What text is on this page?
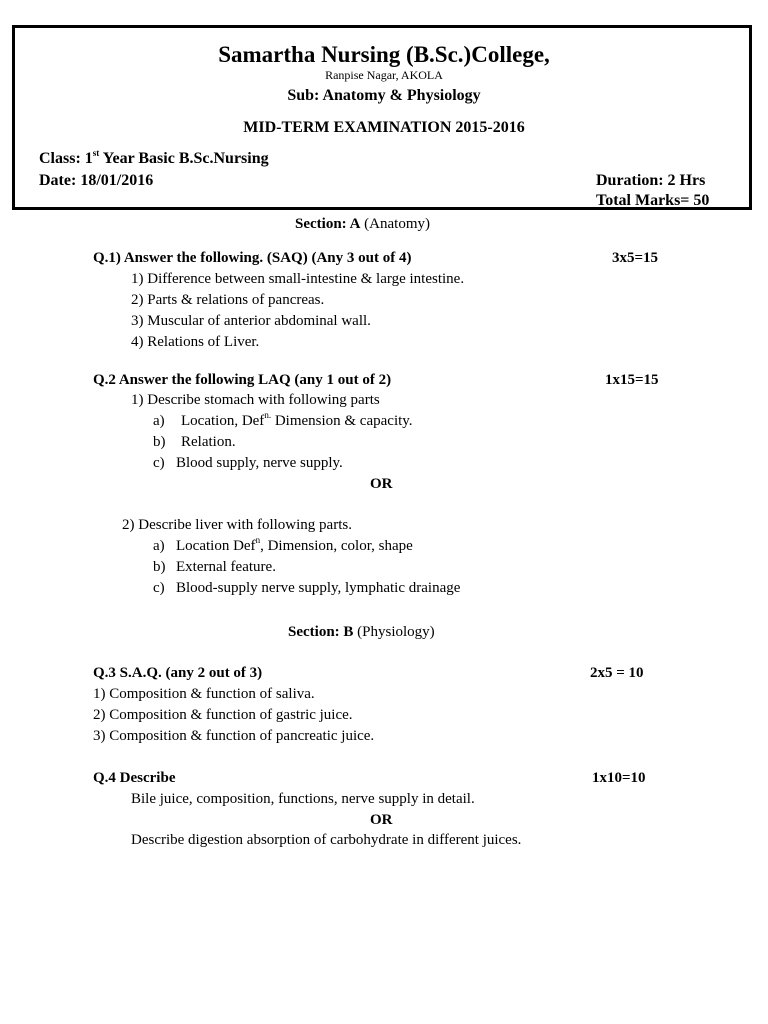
Samartha Nursing (B.Sc.)College,
Ranpise Nagar, AKOLA
Sub: Anatomy & Physiology
MID-TERM EXAMINATION 2015-2016
Class: 1st Year Basic B.Sc.Nursing
Date: 18/01/2016	Duration: 2 Hrs
Total Marks= 50
Section: A (Anatomy)
Q.1) Answer the following. (SAQ) (Any 3 out of 4)	3x5=15
1) Difference between small-intestine & large intestine.
2) Parts & relations of pancreas.
3) Muscular of anterior abdominal wall.
4) Relations of Liver.
Q.2 Answer the following LAQ (any 1 out of 2)	1x15=15
1) Describe stomach with following parts
a) Location, Def$^{n.}$ Dimension & capacity.
b) Relation.
c) Blood supply, nerve supply.
OR
2) Describe liver with following parts.
a) Location Def$^n$, Dimension, color, shape
b) External feature.
c) Blood-supply nerve supply, lymphatic drainage
Section: B (Physiology)
Q.3 S.A.Q. (any 2 out of 3)	2x5 = 10
1) Composition & function of saliva.
2) Composition & function of gastric juice.
3) Composition & function of pancreatic juice.
Q.4 Describe	1x10=10
Bile juice, composition, functions, nerve supply in detail.
OR
Describe digestion absorption of carbohydrate in different juices.
